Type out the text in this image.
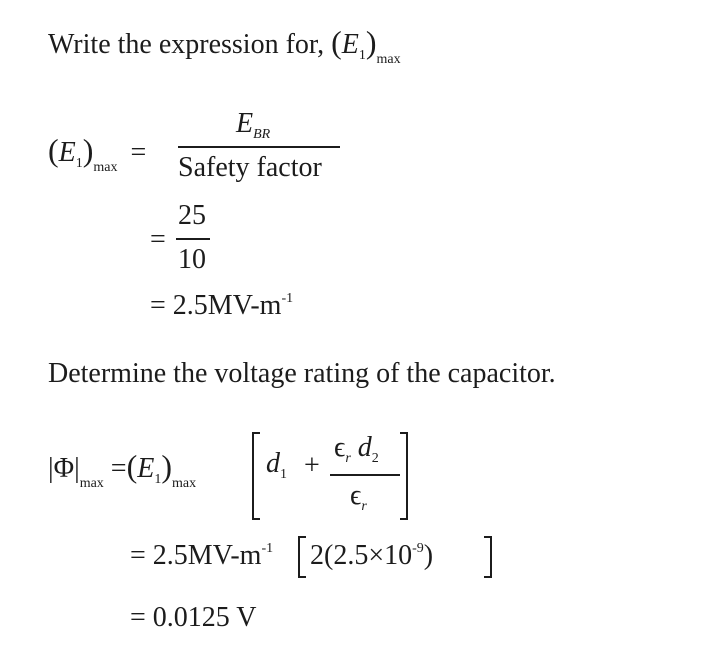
Write the expression for, $(E_1)_{max}$
$(E_1)_{max}$ =
$E_{BR}$
Safety factor
=
25
10
= $2.5MV-m^{-1}$
Determine the voltage rating of the capacitor.
$|\Phi|_{max} =(E_1)_{max}$
$d_1$ +
$\epsilon_r$ $d_2$
$\epsilon_r$
= $2.5MV-m^{-1}$ $2(2.5\times 10^{-9})$
= 0.0125 V
